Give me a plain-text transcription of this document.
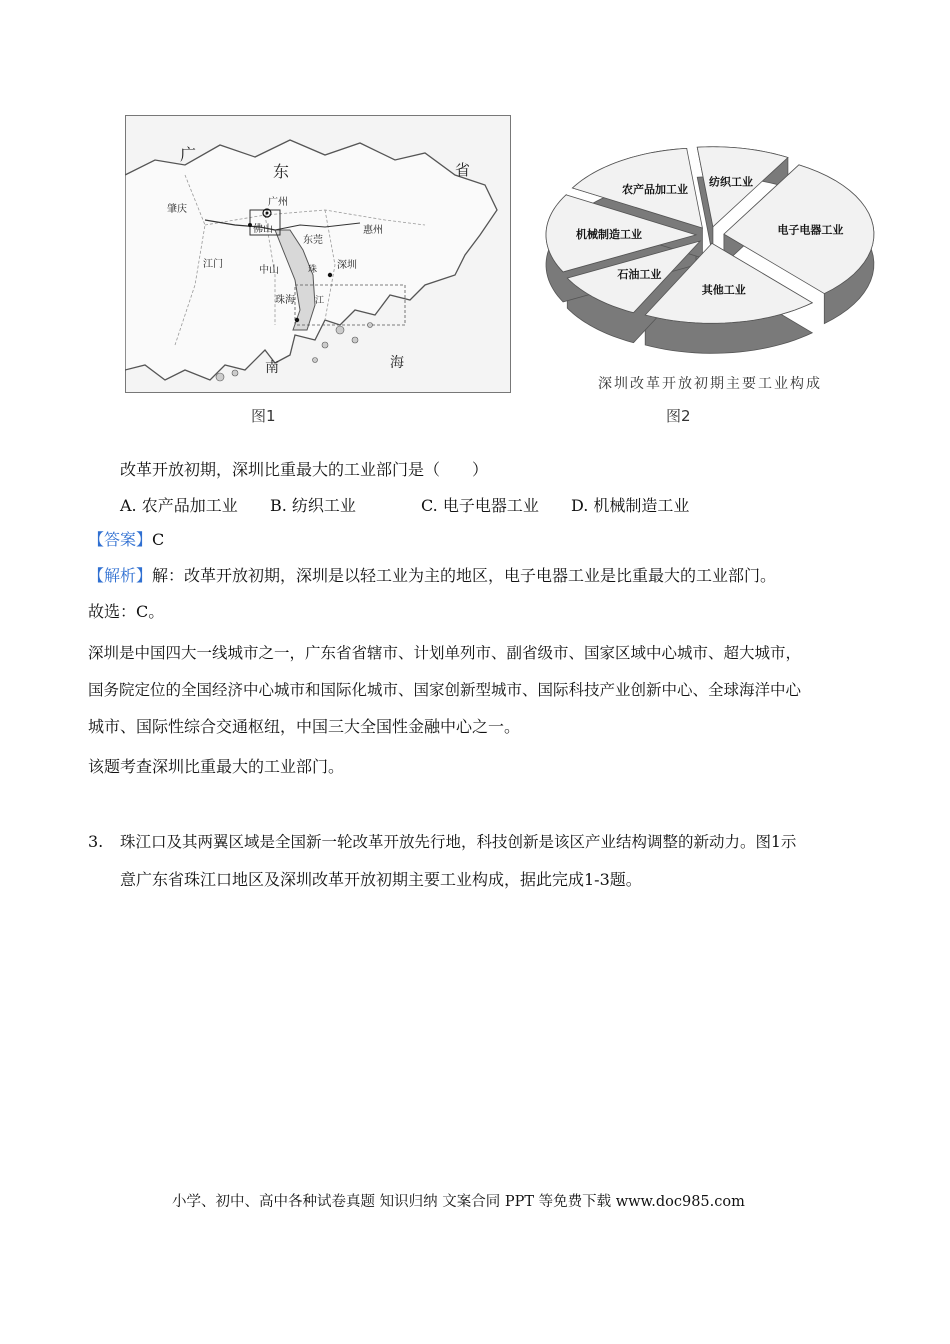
广
东	省
肇庆
广州
佛山
东莞
惠州
江门
中山	深圳
珠海
珠
江
南	海
图1
电子电器工业
其他工业
石油工业
机械制造工业
农产品加工业
纺织工业
深圳改革开放初期主要工业构成
图2
改革开放初期，深圳比重最大的工业部门是（　　）
A. 农产品加工业 B. 纺织工业	C. 电子电器工业 D. 机械制造工业
【答案】C
【解析】解：改革开放初期，深圳是以轻工业为主的地区，电子电器工业是比重最大的工业部门。
故选：C。
深圳是中国四大一线城市之一，广东省省辖市、计划单列市、副省级市、国家区域中心城市、超大城市，
国务院定位的全国经济中心城市和国际化城市、国家创新型城市、国际科技产业创新中心、全球海洋中心
城市、国际性综合交通枢纽，中国三大全国性金融中心之一。
该题考查深圳比重最大的工业部门。
3. 珠江口及其两翼区域是全国新一轮改革开放先行地，科技创新是该区产业结构调整的新动力。图1示
意广东省珠江口地区及深圳改革开放初期主要工业构成，据此完成1-3题。
小学、初中、高中各种试卷真题 知识归纳 文案合同 PPT 等免费下载 www.doc985.com
